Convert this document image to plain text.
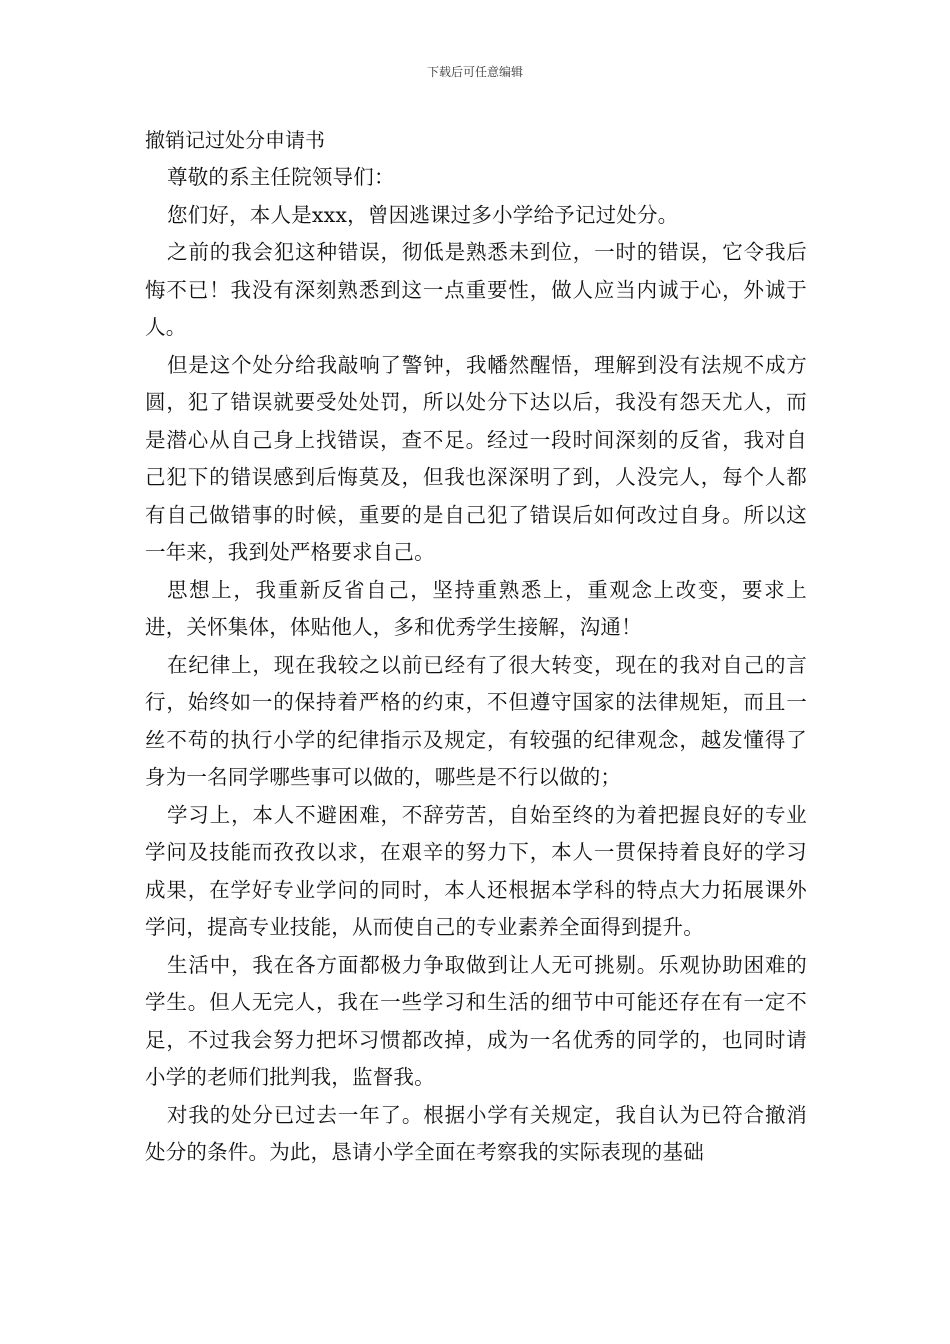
下载后可任意编辑
撤销记过处分申请书

尊敬的系主任院领导们：

您们好，本人是xxx，曾因逃课过多小学给予记过处分。

之前的我会犯这种错误，彻低是熟悉未到位，一时的错误，它令我后悔不已！我没有深刻熟悉到这一点重要性，做人应当内诚于心，外诚于人。

但是这个处分给我敲响了警钟，我幡然醒悟，理解到没有法规不成方圆，犯了错误就要受处处罚，所以处分下达以后，我没有怨天尤人，而是潜心从自己身上找错误，查不足。经过一段时间深刻的反省，我对自己犯下的错误感到后悔莫及，但我也深深明了到，人没完人，每个人都有自己做错事的时候，重要的是自己犯了错误后如何改过自身。所以这一年来，我到处严格要求自己。

思想上，我重新反省自己，坚持重熟悉上，重观念上改变，要求上进，关怀集体，体贴他人，多和优秀学生接解，沟通！

在纪律上，现在我较之以前已经有了很大转变，现在的我对自己的言行，始终如一的保持着严格的约束，不但遵守国家的法律规矩，而且一丝不苟的执行小学的纪律指示及规定，有较强的纪律观念，越发懂得了身为一名同学哪些事可以做的，哪些是不行以做的；

学习上，本人不避困难，不辞劳苦，自始至终的为着把握良好的专业学问及技能而孜孜以求，在艰辛的努力下，本人一贯保持着良好的学习成果，在学好专业学问的同时，本人还根据本学科的特点大力拓展课外学问，提高专业技能，从而使自己的专业素养全面得到提升。

生活中，我在各方面都极力争取做到让人无可挑剔。乐观协助困难的学生。但人无完人，我在一些学习和生活的细节中可能还存在有一定不足，不过我会努力把坏习惯都改掉，成为一名优秀的同学的，也同时请小学的老师们批判我，监督我。

对我的处分已过去一年了。根据小学有关规定，我自认为已符合撤消处分的条件。为此，恳请小学全面在考察我的实际表现的基础
